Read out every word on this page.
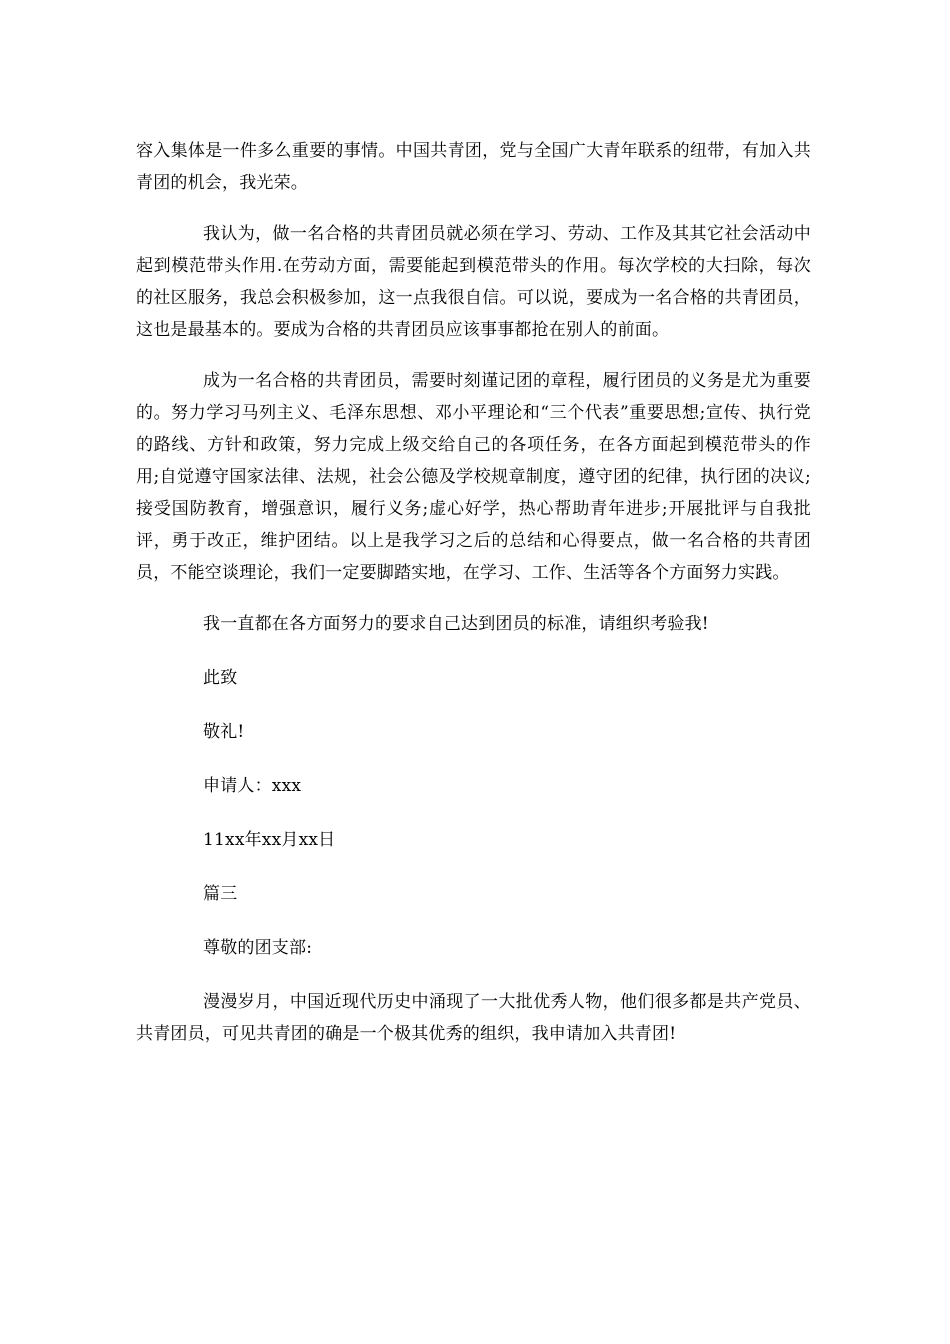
容入集体是一件多么重要的事情。中国共青团，党与全国广大青年联系的纽带，有加入共青团的机会，我光荣。

我认为，做一名合格的共青团员就必须在学习、劳动、工作及其其它社会活动中起到模范带头作用.在劳动方面，需要能起到模范带头的作用。每次学校的大扫除，每次的社区服务，我总会积极参加，这一点我很自信。可以说，要成为一名合格的共青团员，这也是最基本的。要成为合格的共青团员应该事事都抢在别人的前面。

成为一名合格的共青团员，需要时刻谨记团的章程，履行团员的义务是尤为重要的。努力学习马列主义、毛泽东思想、邓小平理论和“三个代表”重要思想;宣传、执行党的路线、方针和政策，努力完成上级交给自己的各项任务，在各方面起到模范带头的作用;自觉遵守国家法律、法规，社会公德及学校规章制度，遵守团的纪律，执行团的决议;接受国防教育，增强意识，履行义务;虚心好学，热心帮助青年进步;开展批评与自我批评，勇于改正，维护团结。以上是我学习之后的总结和心得要点，做一名合格的共青团员，不能空谈理论，我们一定要脚踏实地，在学习、工作、生活等各个方面努力实践。

我一直都在各方面努力的要求自己达到团员的标准，请组织考验我!

此致

敬礼!

申请人：xxx

11xx年xx月xx日

篇三

尊敬的团支部:

漫漫岁月，中国近现代历史中涌现了一大批优秀人物，他们很多都是共产党员、共青团员，可见共青团的确是一个极其优秀的组织，我申请加入共青团!
